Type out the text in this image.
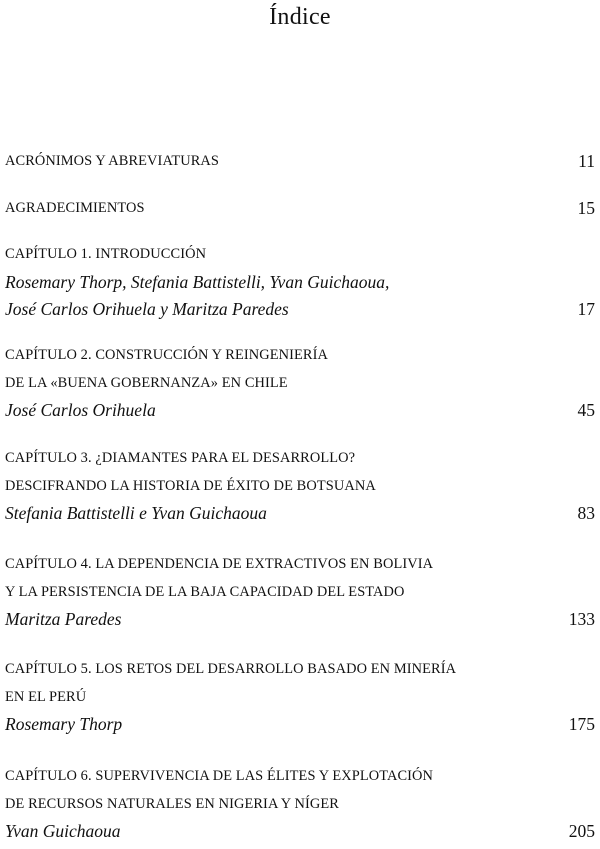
Índice
ACRÓNIMOS Y ABREVIATURAS	11
AGRADECIMIENTOS	15
CAPÍTULO 1. INTRODUCCIÓN
Rosemary Thorp, Stefania Battistelli, Yvan Guichaoua,
José Carlos Orihuela y Maritza Paredes	17
CAPÍTULO 2. CONSTRUCCIÓN Y REINGENIERÍA
DE LA «BUENA GOBERNANZA» EN CHILE
José Carlos Orihuela	45
CAPÍTULO 3. ¿DIAMANTES PARA EL DESARROLLO?
DESCIFRANDO LA HISTORIA DE ÉXITO DE BOTSUANA
Stefania Battistelli e Yvan Guichaoua	83
CAPÍTULO 4. LA DEPENDENCIA DE EXTRACTIVOS EN BOLIVIA
Y LA PERSISTENCIA DE LA BAJA CAPACIDAD DEL ESTADO
Maritza Paredes	133
CAPÍTULO 5. LOS RETOS DEL DESARROLLO BASADO EN MINERÍA
EN EL PERÚ
Rosemary Thorp	175
CAPÍTULO 6. SUPERVIVENCIA DE LAS ÉLITES Y EXPLOTACIÓN
DE RECURSOS NATURALES EN NIGERIA Y NÍGER
Yvan Guichaoua	205
